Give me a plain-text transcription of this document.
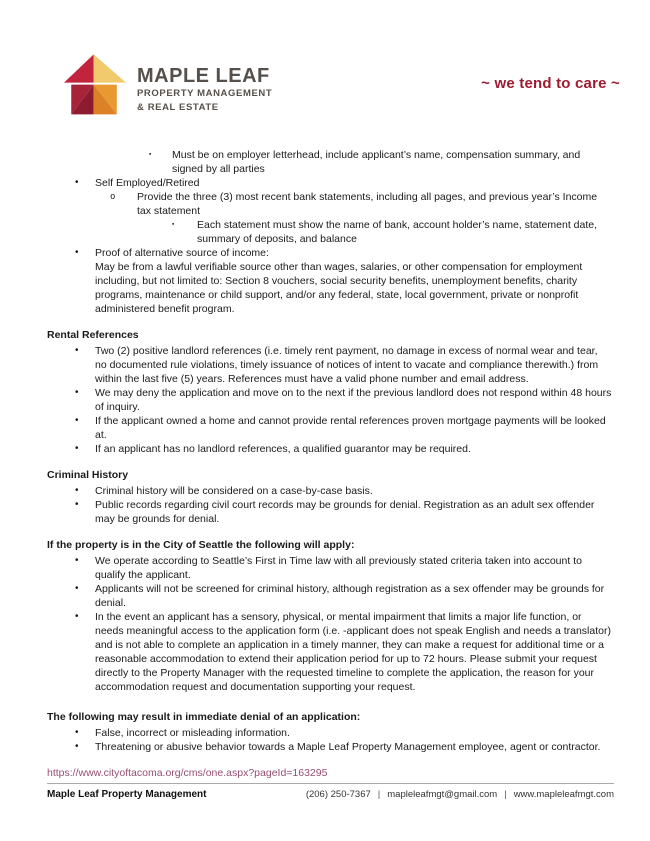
MAPLE LEAF
PROPERTY MANAGEMENT
& REAL ESTATE
~ we tend to care ~
▪	Must be on employer letterhead, include applicant’s name, compensation summary, and signed by all parties
•	Self Employed/Retired
o	Provide the three (3) most recent bank statements, including all pages, and previous year’s Income tax statement
▪	Each statement must show the name of bank, account holder’s name, statement date, summary of deposits, and balance
•	Proof of alternative source of income:
May be from a lawful verifiable source other than wages, salaries, or other compensation for employment including, but not limited to: Section 8 vouchers, social security benefits, unemployment benefits, charity programs, maintenance or child support, and/or any federal, state, local government, private or nonprofit administered benefit program.
Rental References
•	Two (2) positive landlord references (i.e. timely rent payment, no damage in excess of normal wear and tear, no documented rule violations, timely issuance of notices of intent to vacate and compliance therewith.) from within the last five (5) years. References must have a valid phone number and email address.
•	We may deny the application and move on to the next if the previous landlord does not respond within 48 hours of inquiry.
•	If the applicant owned a home and cannot provide rental references proven mortgage payments will be looked at.
•	If an applicant has no landlord references, a qualified guarantor may be required.
Criminal History
•	Criminal history will be considered on a case-by-case basis.
•	Public records regarding civil court records may be grounds for denial. Registration as an adult sex offender may be grounds for denial.
If the property is in the City of Seattle the following will apply:
•	We operate according to Seattle’s First in Time law with all previously stated criteria taken into account to qualify the applicant.
•	Applicants will not be screened for criminal history, although registration as a sex offender may be grounds for denial.
•	In the event an applicant has a sensory, physical, or mental impairment that limits a major life function, or needs meaningful access to the application form (i.e. -applicant does not speak English and needs a translator) and is not able to complete an application in a timely manner, they can make a request for additional time or a reasonable accommodation to extend their application period for up to 72 hours. Please submit your request directly to the Property Manager with the requested timeline to complete the application, the reason for your accommodation request and documentation supporting your request.
The following may result in immediate denial of an application:
•	False, incorrect or misleading information.
•	Threatening or abusive behavior towards a Maple Leaf Property Management employee, agent or contractor.
https://www.cityoftacoma.org/cms/one.aspx?pageId=163295
Maple Leaf Property Management	(206) 250-7367 | mapleleafmgt@gmail.com | www.mapleleafmgt.com
